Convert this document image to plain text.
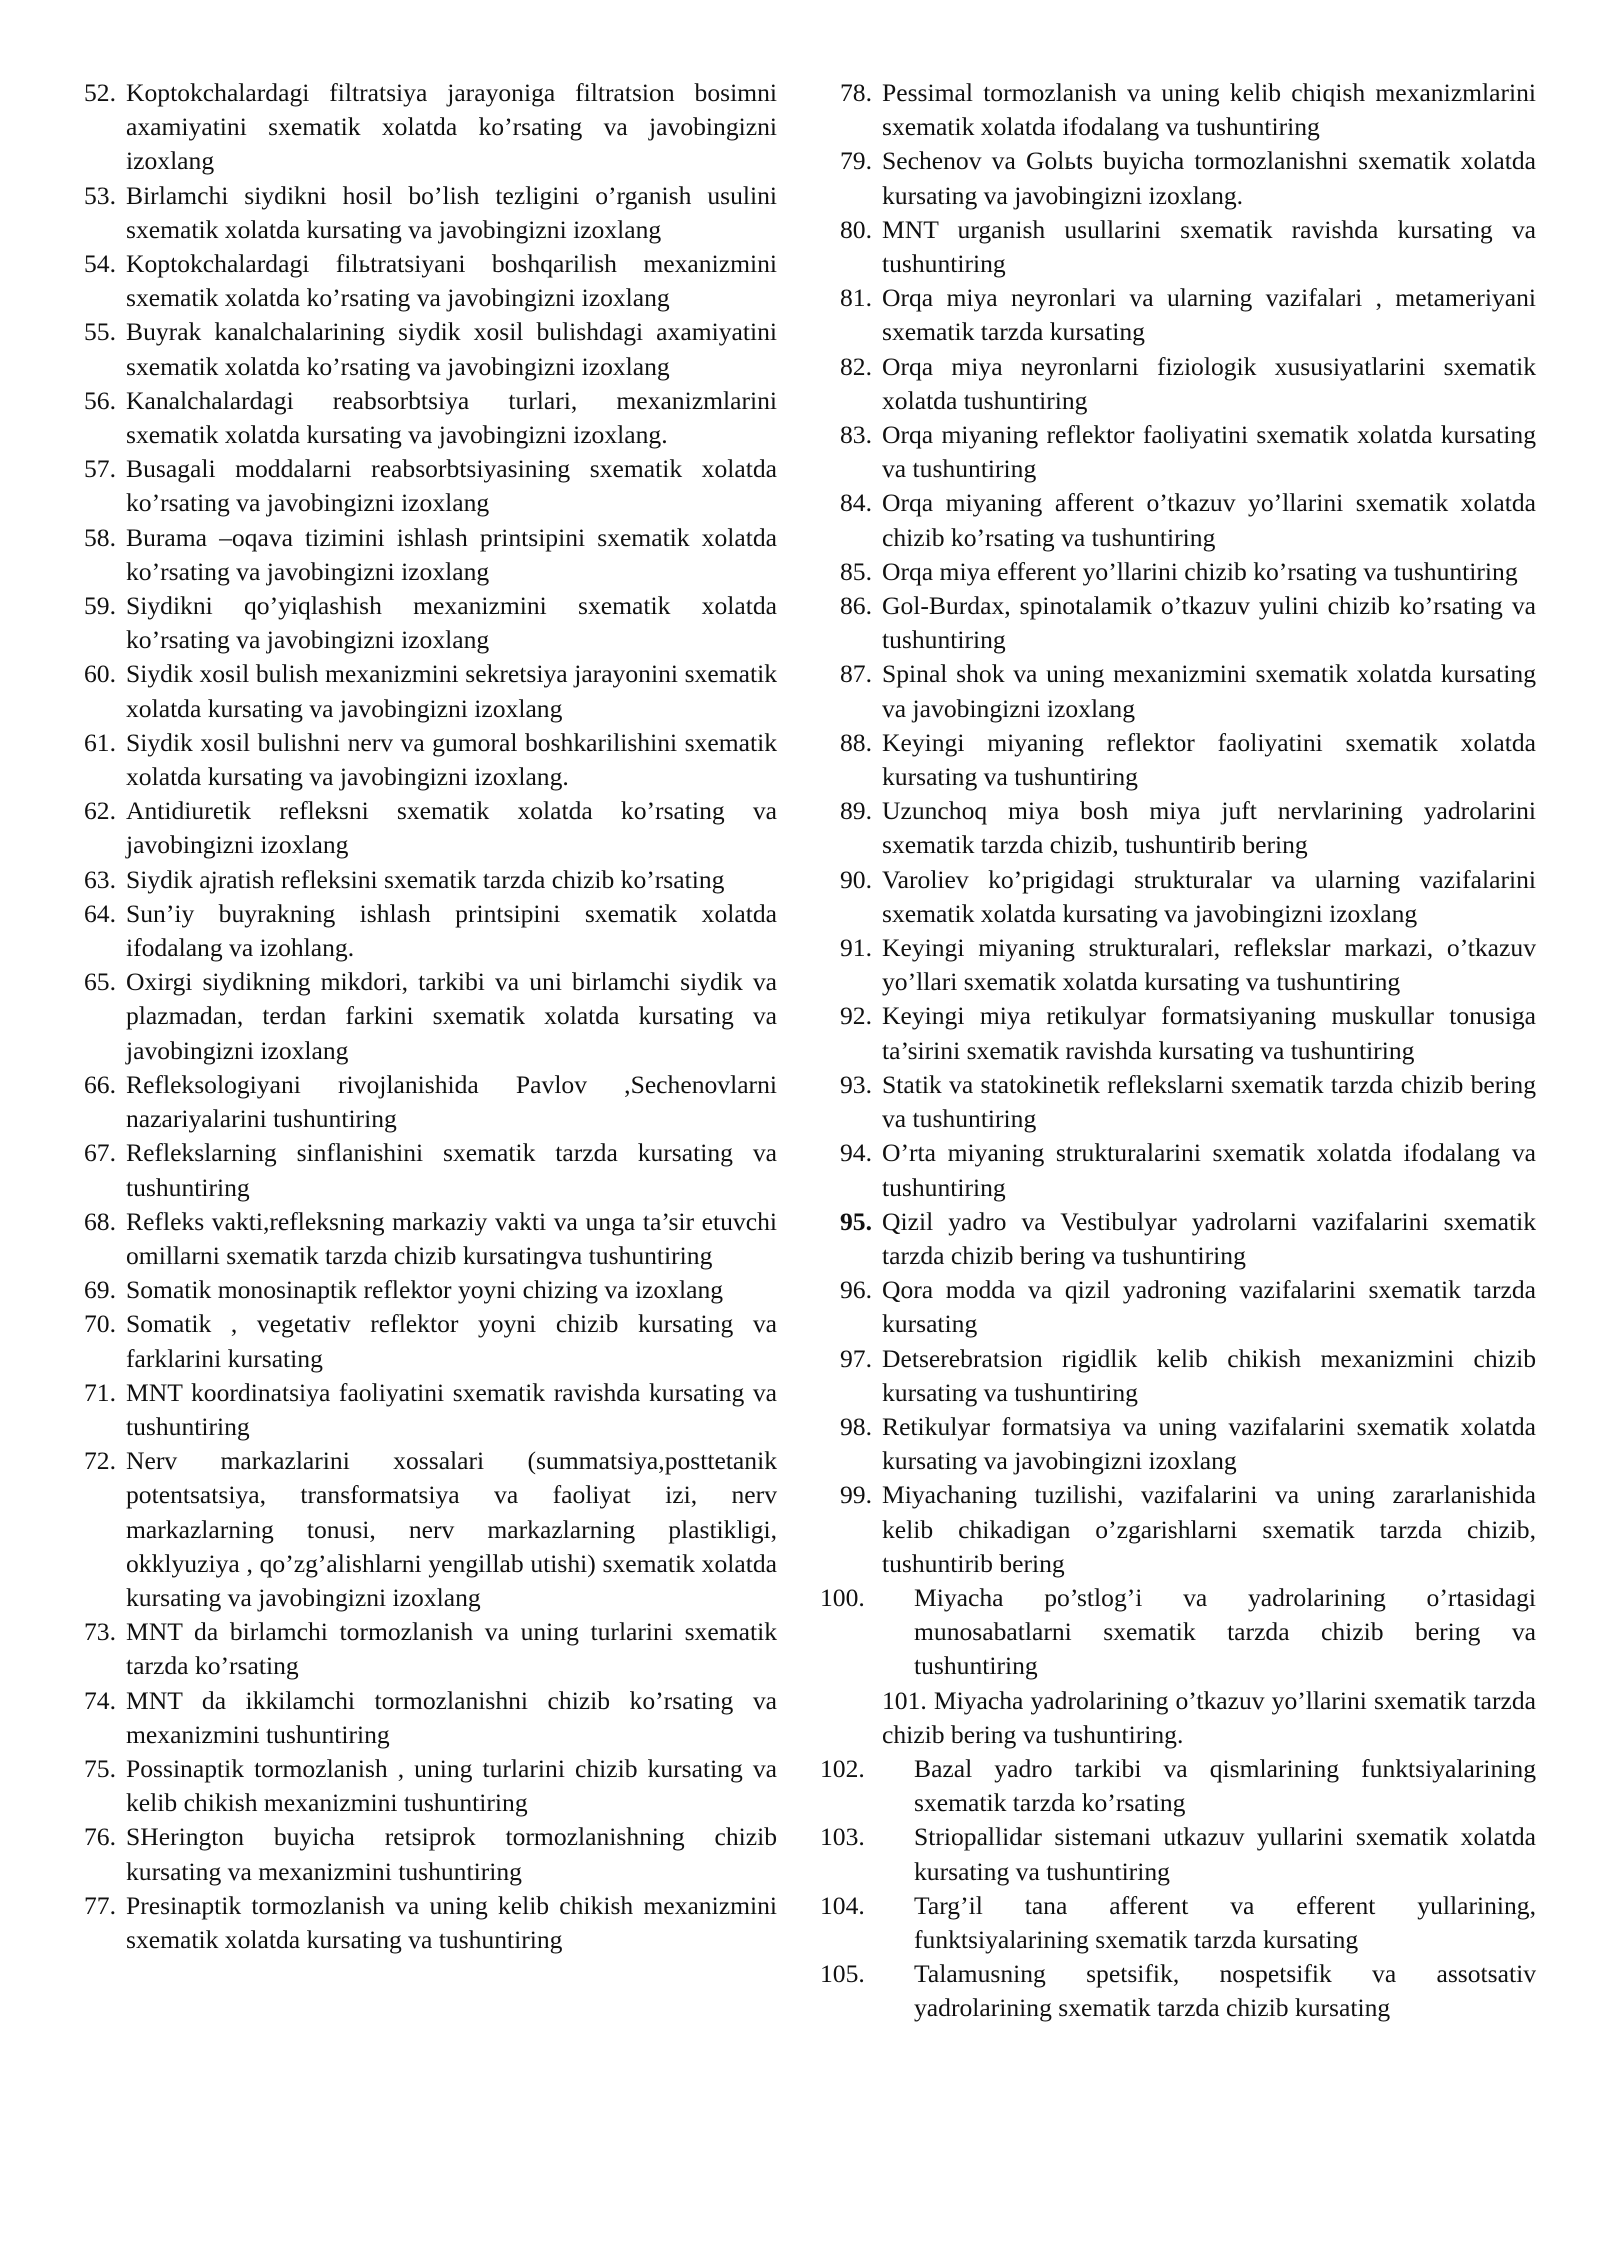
52. Koptokchalardagi filtratsiya jarayoniga filtratsion bosimni axamiyatini sxematik xolatda ko’rsating va javobingizni izoxlang
53. Birlamchi siydikni hosil bo’lish tezligini o’rganish usulini sxematik xolatda kursating va javobingizni izoxlang
54. Koptokchalardagi filьtratsiyani boshqarilish mexanizmini sxematik xolatda ko’rsating va javobingizni izoxlang
55. Buyrak kanalchalarining siydik xosil bulishdagi axamiyatini sxematik xolatda ko’rsating va javobingizni izoxlang
56. Kanalchalardagi reabsorbtsiya turlari, mexanizmlarini sxematik xolatda kursating va javobingizni izoxlang.
57. Busagali moddalarni reabsorbtsiyasining sxematik xolatda ko’rsating va javobingizni izoxlang
58. Burama –oqava tizimini ishlash printsipini sxematik xolatda ko’rsating va javobingizni izoxlang
59. Siydikni qo’yiqlashish mexanizmini sxematik xolatda ko’rsating va javobingizni izoxlang
60. Siydik xosil bulish mexanizmini sekretsiya jarayonini sxematik xolatda kursating va javobingizni izoxlang
61. Siydik xosil bulishni nerv va gumoral boshkarilishini sxematik xolatda kursating va javobingizni izoxlang.
62. Antidiuretik refleksni sxematik xolatda ko’rsating va javobingizni izoxlang
63. Siydik ajratish refleksini sxematik tarzda chizib ko’rsating
64. Sun’iy buyrakning ishlash printsipini sxematik xolatda ifodalang va izohlang.
65. Oxirgi siydikning mikdori, tarkibi va uni birlamchi siydik va plazmadan, terdan farkini sxematik xolatda kursating va javobingizni izoxlang
66. Refleksologiyani rivojlanishida Pavlov ,Sechenovlarni nazariyalarini tushuntiring
67. Reflekslarning sinflanishini sxematik tarzda kursating va tushuntiring
68. Refleks vakti,refleksning markaziy vakti va unga ta’sir etuvchi omillarni sxematik tarzda chizib kursatingva tushuntiring
69. Somatik monosinaptik reflektor yoyni chizing va izoxlang
70. Somatik , vegetativ reflektor yoyni chizib kursating va farklarini kursating
71. MNT koordinatsiya faoliyatini sxematik ravishda kursating va tushuntiring
72. Nerv markazlarini xossalari (summatsiya,posttetanik potentsatsiya, transformatsiya va faoliyat izi, nerv markazlarning tonusi, nerv markazlarning plastikligi, okklyuziya , qo’zg’alishlarni yengillab utishi) sxematik xolatda kursating va javobingizni izoxlang
73. MNT da birlamchi tormozlanish va uning turlarini sxematik tarzda ko’rsating
74. MNT da ikkilamchi tormozlanishni chizib ko’rsating va mexanizmini tushuntiring
75. Possinaptik tormozlanish , uning turlarini chizib kursating va kelib chikish mexanizmini tushuntiring
76. SHerington buyicha retsiprok tormozlanishning chizib kursating va mexanizmini tushuntiring
77. Presinaptik tormozlanish va uning kelib chikish mexanizmini sxematik xolatda kursating va tushuntiring
78. Pessimal tormozlanish va uning kelib chiqish mexanizmlarini sxematik xolatda ifodalang va tushuntiring
79. Sechenov va Golьts buyicha tormozlanishni sxematik xolatda kursating va javobingizni izoxlang.
80. MNT urganish usullarini sxematik ravishda kursating va tushuntiring
81. Orqa miya neyronlari va ularning vazifalari , metameriyani sxematik tarzda kursating
82. Orqa miya neyronlarni fiziologik xususiyatlarini sxematik xolatda tushuntiring
83. Orqa miyaning reflektor faoliyatini sxematik xolatda kursating va tushuntiring
84. Orqa miyaning afferent o’tkazuv yo’llarini sxematik xolatda chizib ko’rsating va tushuntiring
85. Orqa miya efferent yo’llarini chizib ko’rsating va tushuntiring
86. Gol-Burdax, spinotalamik o’tkazuv yulini chizib ko’rsating va tushuntiring
87. Spinal shok va uning mexanizmini sxematik xolatda kursating va javobingizni izoxlang
88. Keyingi miyaning reflektor faoliyatini sxematik xolatda kursating va tushuntiring
89. Uzunchoq miya bosh miya juft nervlarining yadrolarini sxematik tarzda chizib, tushuntirib bering
90. Varoliev ko’prigidagi strukturalar va ularning vazifalarini sxematik xolatda kursating va javobingizni izoxlang
91. Keyingi miyaning strukturalari, reflekslar markazi, o’tkazuv yo’llari sxematik xolatda kursating va tushuntiring
92. Keyingi miya retikulyar formatsiyaning muskullar tonusiga ta’sirini sxematik ravishda kursating va tushuntiring
93. Statik va statokinetik reflekslarni sxematik tarzda chizib bering va tushuntiring
94. O’rta miyaning strukturalarini sxematik xolatda ifodalang va tushuntiring
95. Qizil yadro va Vestibulyar yadrolarni vazifalarini sxematik tarzda chizib bering va tushuntiring
96. Qora modda va qizil yadroning vazifalarini sxematik tarzda kursating
97. Detserebratsion rigidlik kelib chikish mexanizmini chizib kursating va tushuntiring
98. Retikulyar formatsiya va uning vazifalarini sxematik xolatda kursating va javobingizni izoxlang
99. Miyachaning tuzilishi, vazifalarini va uning zararlanishida kelib chikadigan o’zgarishlarni sxematik tarzda chizib, tushuntirib bering
100.	Miyacha po’stlog’i va yadrolarining o’rtasidagi munosabatlarni sxematik tarzda chizib bering va tushuntiring
101. Miyacha yadrolarining o’tkazuv yo’llarini sxematik tarzda chizib bering va tushuntiring.
102.	Bazal yadro tarkibi va qismlarining funktsiyalarining sxematik tarzda ko’rsating
103.	Striopallidar sistemani utkazuv yullarini sxematik xolatda kursating va tushuntiring
104.	Targ’il tana afferent va efferent yullarining, funktsiyalarining sxematik tarzda kursating
105.	Talamusning spetsifik, nospetsifik va assotsativ yadrolarining sxematik tarzda chizib kursating
